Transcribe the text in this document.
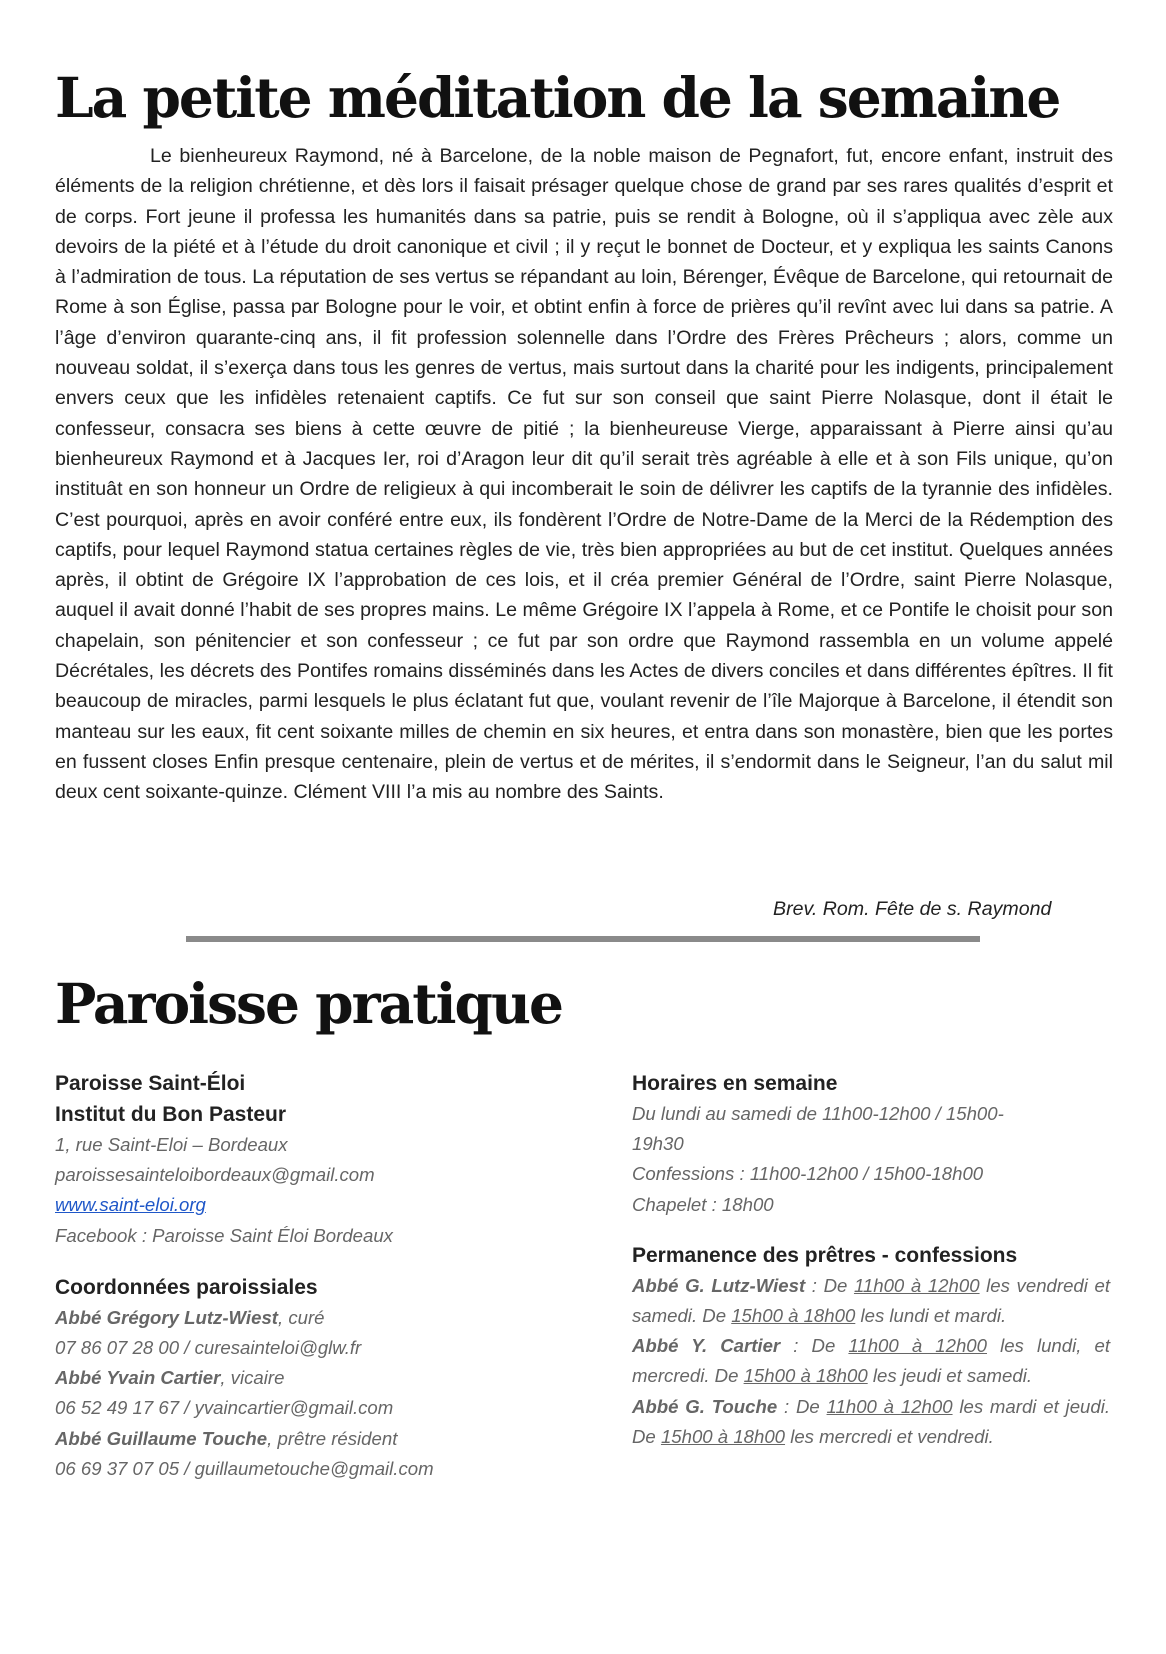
La petite méditation de la semaine

Le bienheureux Raymond, né à Barcelone, de la noble maison de Pegnafort, fut, encore enfant, instruit des éléments de la religion chrétienne, et dès lors il faisait présager quelque chose de grand par ses rares qualités d’esprit et de corps. Fort jeune il professa les humanités dans sa patrie, puis se rendit à Bologne, où il s’appliqua avec zèle aux devoirs de la piété et à l’étude du droit canonique et civil ; il y reçut le bonnet de Docteur, et y expliqua les saints Canons à l’admiration de tous. La réputation de ses vertus se répandant au loin, Bérenger, Évêque de Barcelone, qui retournait de Rome à son Église, passa par Bologne pour le voir, et obtint enfin à force de prières qu’il revînt avec lui dans sa patrie. A l’âge d’environ quarante-cinq ans, il fit profession solennelle dans l’Ordre des Frères Prêcheurs ; alors, comme un nouveau soldat, il s’exerça dans tous les genres de vertus, mais surtout dans la charité pour les indigents, principalement envers ceux que les infidèles retenaient captifs. Ce fut sur son conseil que saint Pierre Nolasque, dont il était le confesseur, consacra ses biens à cette œuvre de pitié ; la bienheureuse Vierge, apparaissant à Pierre ainsi qu’au bienheureux Raymond et à Jacques Ier, roi d’Aragon leur dit qu’il serait très agréable à elle et à son Fils unique, qu’on instituât en son honneur un Ordre de religieux à qui incomberait le soin de délivrer les captifs de la tyrannie des infidèles. C’est pourquoi, après en avoir conféré entre eux, ils fondèrent l’Ordre de Notre-Dame de la Merci de la Rédemption des captifs, pour lequel Raymond statua certaines règles de vie, très bien appropriées au but de cet institut. Quelques années après, il obtint de Grégoire IX l’approbation de ces lois, et il créa premier Général de l’Ordre, saint Pierre Nolasque, auquel il avait donné l’habit de ses propres mains. Le même Grégoire IX l’appela à Rome, et ce Pontife le choisit pour son chapelain, son pénitencier et son confesseur ; ce fut par son ordre que Raymond rassembla en un volume appelé Décrétales, les décrets des Pontifes romains disséminés dans les Actes de divers conciles et dans différentes épîtres. Il fit beaucoup de miracles, parmi lesquels le plus éclatant fut que, voulant revenir de l’île Majorque à Barcelone, il étendit son manteau sur les eaux, fit cent soixante milles de chemin en six heures, et entra dans son monastère, bien que les portes en fussent closes Enfin presque centenaire, plein de vertus et de mérites, il s’endormit dans le Seigneur, l’an du salut mil deux cent soixante-quinze. Clément VIII l’a mis au nombre des Saints.

Brev. Rom. Fête de s. Raymond
Paroisse pratique
Paroisse Saint-Éloi
Institut du Bon Pasteur
1, rue Saint-Eloi – Bordeaux
paroissesainteloibordeaux@gmail.com
www.saint-eloi.org
Facebook : Paroisse Saint Éloi Bordeaux
Coordonnées paroissiales
Abbé Grégory Lutz-Wiest, curé
07 86 07 28 00 / curesainteloi@glw.fr
Abbé Yvain Cartier, vicaire
06 52 49 17 67 / yvaincartier@gmail.com
Abbé Guillaume Touche, prêtre résident
06 69 37 07 05 / guillaumetouche@gmail.com
Horaires en semaine
Du lundi au samedi de 11h00-12h00 / 15h00-
19h30
Confessions : 11h00-12h00 / 15h00-18h00
Chapelet : 18h00
Permanence des prêtres - confessions
Abbé G. Lutz-Wiest : De 11h00 à 12h00 les vendredi et samedi. De 15h00 à 18h00 les lundi et mardi.
Abbé Y. Cartier : De 11h00 à 12h00 les lundi, et mercredi. De 15h00 à 18h00 les jeudi et samedi.
Abbé G. Touche : De 11h00 à 12h00 les mardi et jeudi. De 15h00 à 18h00 les mercredi et vendredi.
